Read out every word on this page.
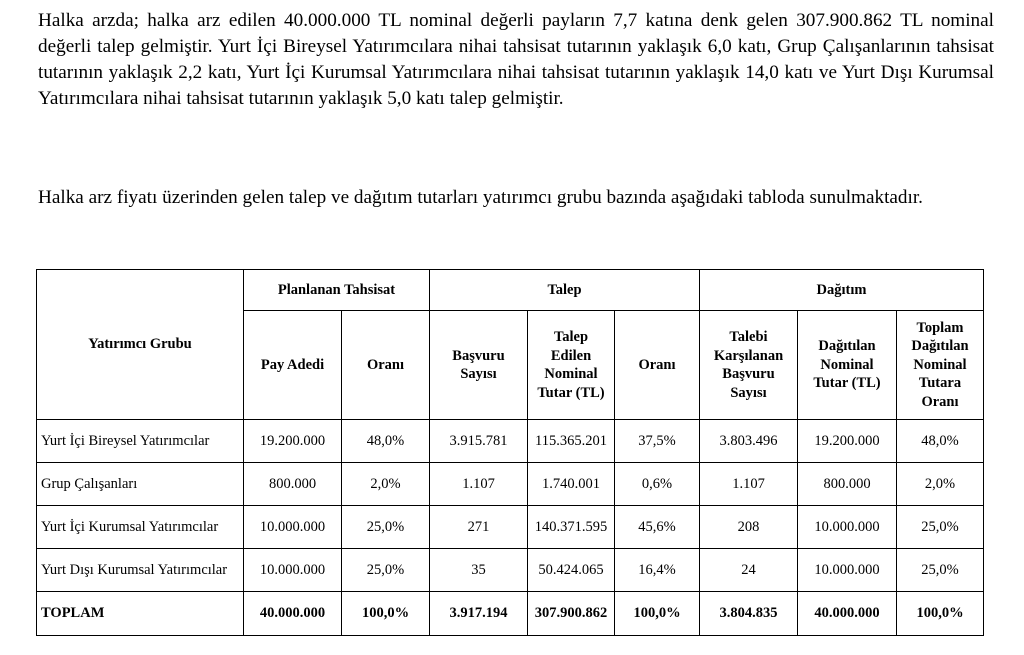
Halka arzda; halka arz edilen 40.000.000 TL nominal değerli payların 7,7 katına denk gelen 307.900.862 TL nominal değerli talep gelmiştir. Yurt İçi Bireysel Yatırımcılara nihai tahsisat tutarının yaklaşık 6,0 katı, Grup Çalışanlarının tahsisat tutarının yaklaşık 2,2 katı, Yurt İçi Kurumsal Yatırımcılara nihai tahsisat tutarının yaklaşık 14,0 katı ve Yurt Dışı Kurumsal Yatırımcılara nihai tahsisat tutarının yaklaşık 5,0 katı talep gelmiştir.

Halka arz fiyatı üzerinden gelen talep ve dağıtım tutarları yatırımcı grubu bazında aşağıdaki tabloda sunulmaktadır.

Yatırımcı Grubu	Planlanan Tahsisat		Talep			Dağıtım		
	Pay Adedi	Oranı	Başvuru Sayısı	Talep Edilen Nominal Tutar (TL)	Oranı	Talebi Karşılanan Başvuru Sayısı	Dağıtılan Nominal Tutar (TL)	Toplam Dağıtılan Nominal Tutara Oranı
Yurt İçi Bireysel Yatırımcılar	19.200.000	48,0%	3.915.781	115.365.201	37,5%	3.803.496	19.200.000	48,0%
Grup Çalışanları	800.000	2,0%	1.107	1.740.001	0,6%	1.107	800.000	2,0%
Yurt İçi Kurumsal Yatırımcılar	10.000.000	25,0%	271	140.371.595	45,6%	208	10.000.000	25,0%
Yurt Dışı Kurumsal Yatırımcılar	10.000.000	25,0%	35	50.424.065	16,4%	24	10.000.000	25,0%
TOPLAM	40.000.000	100,0%	3.917.194	307.900.862	100,0%	3.804.835	40.000.000	100,0%
